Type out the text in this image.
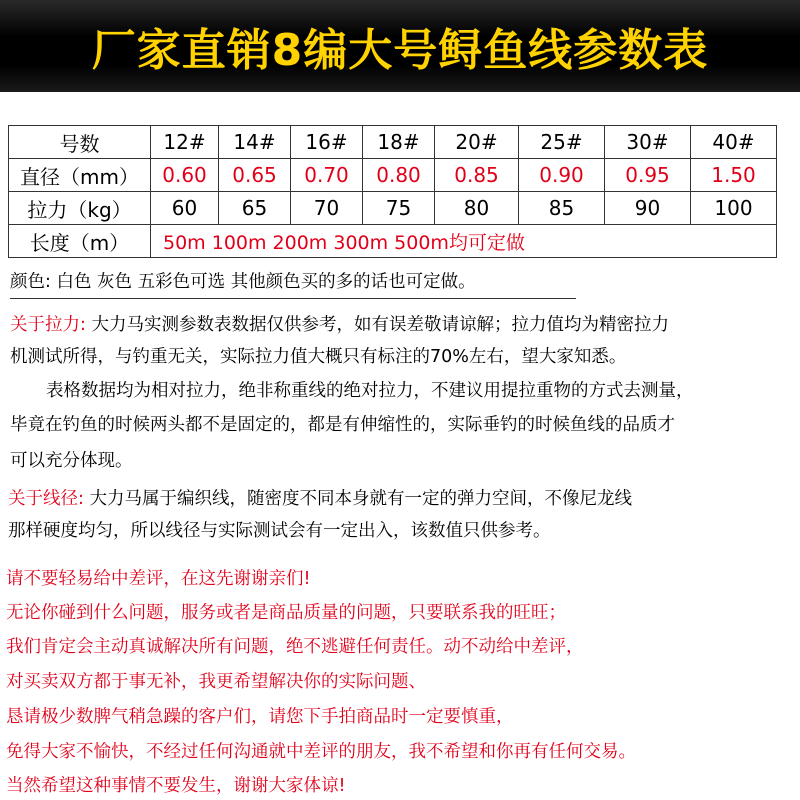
厂家直销8编大号鲟鱼线参数表
号数	12#	14#	16#	18#	20#	25#	30#	40#
直径（mm）	0.60	0.65	0.70	0.80	0.85	0.90	0.95	1.50
拉力（kg）	60	65	70	75	80	85	90	100
长度（m）	50m 100m 200m 300m 500m均可定做							
颜色: 白色 灰色 五彩色可选 其他颜色买的多的话也可定做。
关于拉力: 大力马实测参数表数据仅供参考，如有误差敬请谅解；拉力值均为精密拉力
机测试所得，与钓重无关，实际拉力值大概只有标注的70%左右，望大家知悉。
表格数据均为相对拉力，绝非称重线的绝对拉力，不建议用提拉重物的方式去测量，
毕竟在钓鱼的时候两头都不是固定的，都是有伸缩性的，实际垂钓的时候鱼线的品质才
可以充分体现。
关于线径: 大力马属于编织线，随密度不同本身就有一定的弹力空间，不像尼龙线
那样硬度均匀，所以线径与实际测试会有一定出入，该数值只供参考。
请不要轻易给中差评，在这先谢谢亲们!
无论你碰到什么问题，服务或者是商品质量的问题，只要联系我的旺旺；
我们肯定会主动真诚解决所有问题，绝不逃避任何责任。动不动给中差评，
对买卖双方都于事无补，我更希望解决你的实际问题、
恳请极少数脾气稍急躁的客户们，请您下手拍商品时一定要慎重，
免得大家不愉快，不经过任何沟通就中差评的朋友，我不希望和你再有任何交易。
当然希望这种事情不要发生，谢谢大家体谅!
